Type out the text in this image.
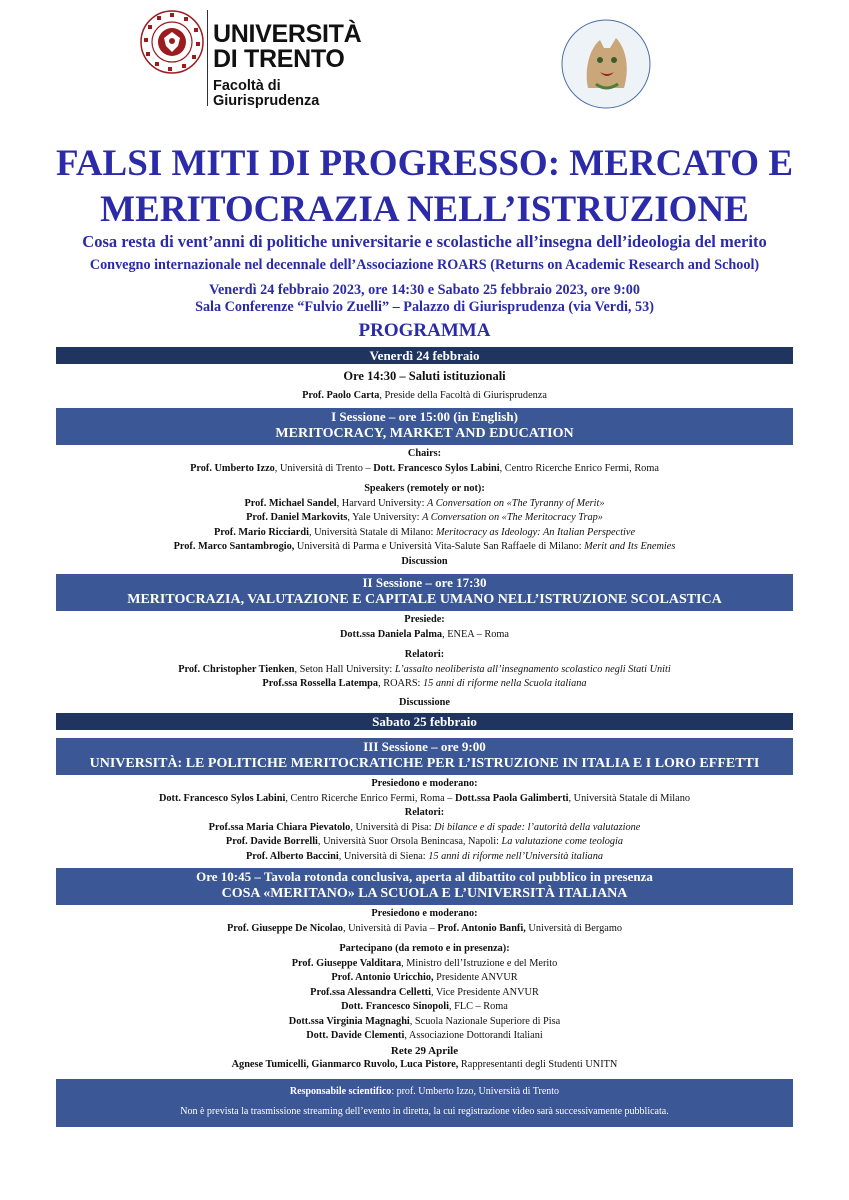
UNIVERSITÀ
DI TRENTO
Facoltà di
Giurisprudenza
FALSI MITI DI PROGRESSO: MERCATO E
MERITOCRAZIA NELL’ISTRUZIONE
Cosa resta di vent’anni di politiche universitarie e scolastiche all’insegna dell’ideologia del merito
Convegno internazionale nel decennale dell’Associazione ROARS (Returns on Academic Research and School)
Venerdì 24 febbraio 2023, ore 14:30 e Sabato 25 febbraio 2023, ore 9:00
Sala Conferenze “Fulvio Zuelli” – Palazzo di Giurisprudenza (via Verdi, 53)
PROGRAMMA
Venerdì 24 febbraio
Ore 14:30 – Saluti istituzionali
Prof. Paolo Carta, Preside della Facoltà di Giurisprudenza
I Sessione – ore 15:00 (in English)
MERITOCRACY, MARKET AND EDUCATION
Chairs:
Prof. Umberto Izzo, Università di Trento – Dott. Francesco Sylos Labini, Centro Ricerche Enrico Fermi, Roma
Speakers (remotely or not):
Prof. Michael Sandel, Harvard University: A Conversation on «The Tyranny of Merit»
Prof. Daniel Markovits, Yale University: A Conversation on «The Meritocracy Trap»
Prof. Mario Ricciardi, Università Statale di Milano: Meritocracy as Ideology: An Italian Perspective
Prof. Marco Santambrogio, Università di Parma e Università Vita-Salute San Raffaele di Milano: Merit and Its Enemies
Discussion
II Sessione – ore 17:30
MERITOCRAZIA, VALUTAZIONE E CAPITALE UMANO NELL’ISTRUZIONE SCOLASTICA
Presiede:
Dott.ssa Daniela Palma, ENEA – Roma
Relatori:
Prof. Christopher Tienken, Seton Hall University: L’assalto neoliberista all’insegnamento scolastico negli Stati Uniti
Prof.ssa Rossella Latempa, ROARS: 15 anni di riforme nella Scuola italiana
Discussione
Sabato 25 febbraio
III Sessione – ore 9:00
UNIVERSITÀ: LE POLITICHE MERITOCRATICHE PER L’ISTRUZIONE IN ITALIA E I LORO EFFETTI
Presiedono e moderano:
Dott. Francesco Sylos Labini, Centro Ricerche Enrico Fermi, Roma – Dott.ssa Paola Galimberti, Università Statale di Milano
Relatori:
Prof.ssa Maria Chiara Pievatolo, Università di Pisa: Di bilance e di spade: l’autorità della valutazione
Prof. Davide Borrelli, Università Suor Orsola Benincasa, Napoli: La valutazione come teologia
Prof. Alberto Baccini, Università di Siena: 15 anni di riforme nell’Università italiana
Ore 10:45 – Tavola rotonda conclusiva, aperta al dibattito col pubblico in presenza
COSA «MERITANO» LA SCUOLA E L’UNIVERSITÀ ITALIANA
Presiedono e moderano:
Prof. Giuseppe De Nicolao, Università di Pavia – Prof. Antonio Banfi, Università di Bergamo
Partecipano (da remoto e in presenza):
Prof. Giuseppe Valditara, Ministro dell’Istruzione e del Merito
Prof. Antonio Uricchio, Presidente ANVUR
Prof.ssa Alessandra Celletti, Vice Presidente ANVUR
Dott. Francesco Sinopoli, FLC – Roma
Dott.ssa Virginia Magnaghi, Scuola Nazionale Superiore di Pisa
Dott. Davide Clementi, Associazione Dottorandi Italiani
Rete 29 Aprile
Agnese Tumicelli, Gianmarco Ruvolo, Luca Pistore, Rappresentanti degli Studenti UNITN
Responsabile scientifico: prof. Umberto Izzo, Università di Trento
Non è prevista la trasmissione streaming dell’evento in diretta, la cui registrazione video sarà successivamente pubblicata.
